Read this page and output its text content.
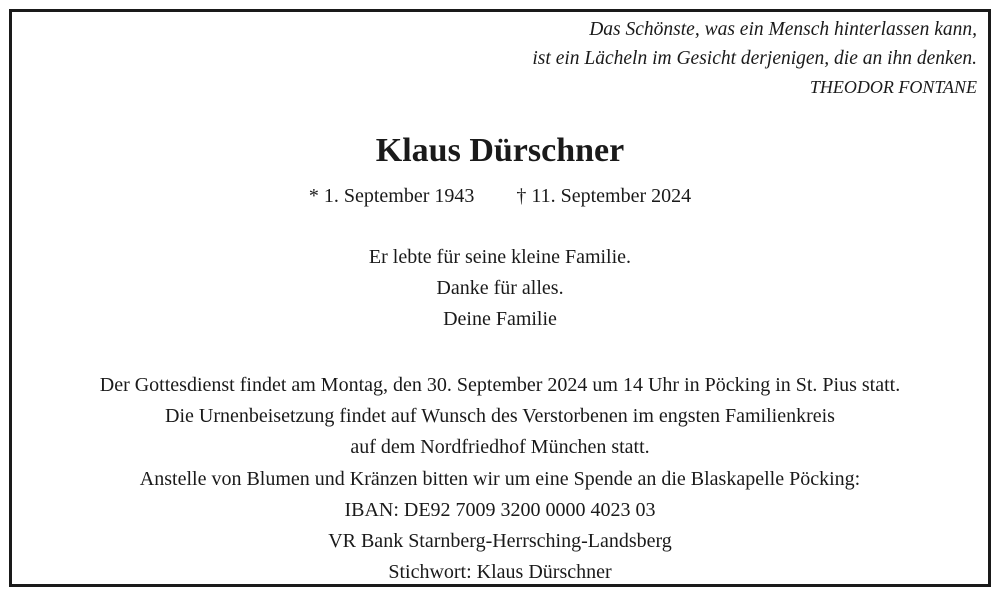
Das Schönste, was ein Mensch hinterlassen kann,
ist ein Lächeln im Gesicht derjenigen, die an ihn denken.
THEODOR FONTANE
Klaus Dürschner
* 1. September 1943 † 11. September 2024
Er lebte für seine kleine Familie.
Danke für alles.
Deine Familie
Der Gottesdienst findet am Montag, den 30. September 2024 um 14 Uhr in Pöcking in St. Pius statt.
Die Urnenbeisetzung findet auf Wunsch des Verstorbenen im engsten Familienkreis
auf dem Nordfriedhof München statt.
Anstelle von Blumen und Kränzen bitten wir um eine Spende an die Blaskapelle Pöcking:
IBAN: DE92 7009 3200 0000 4023 03
VR Bank Starnberg-Herrsching-Landsberg
Stichwort: Klaus Dürschner
